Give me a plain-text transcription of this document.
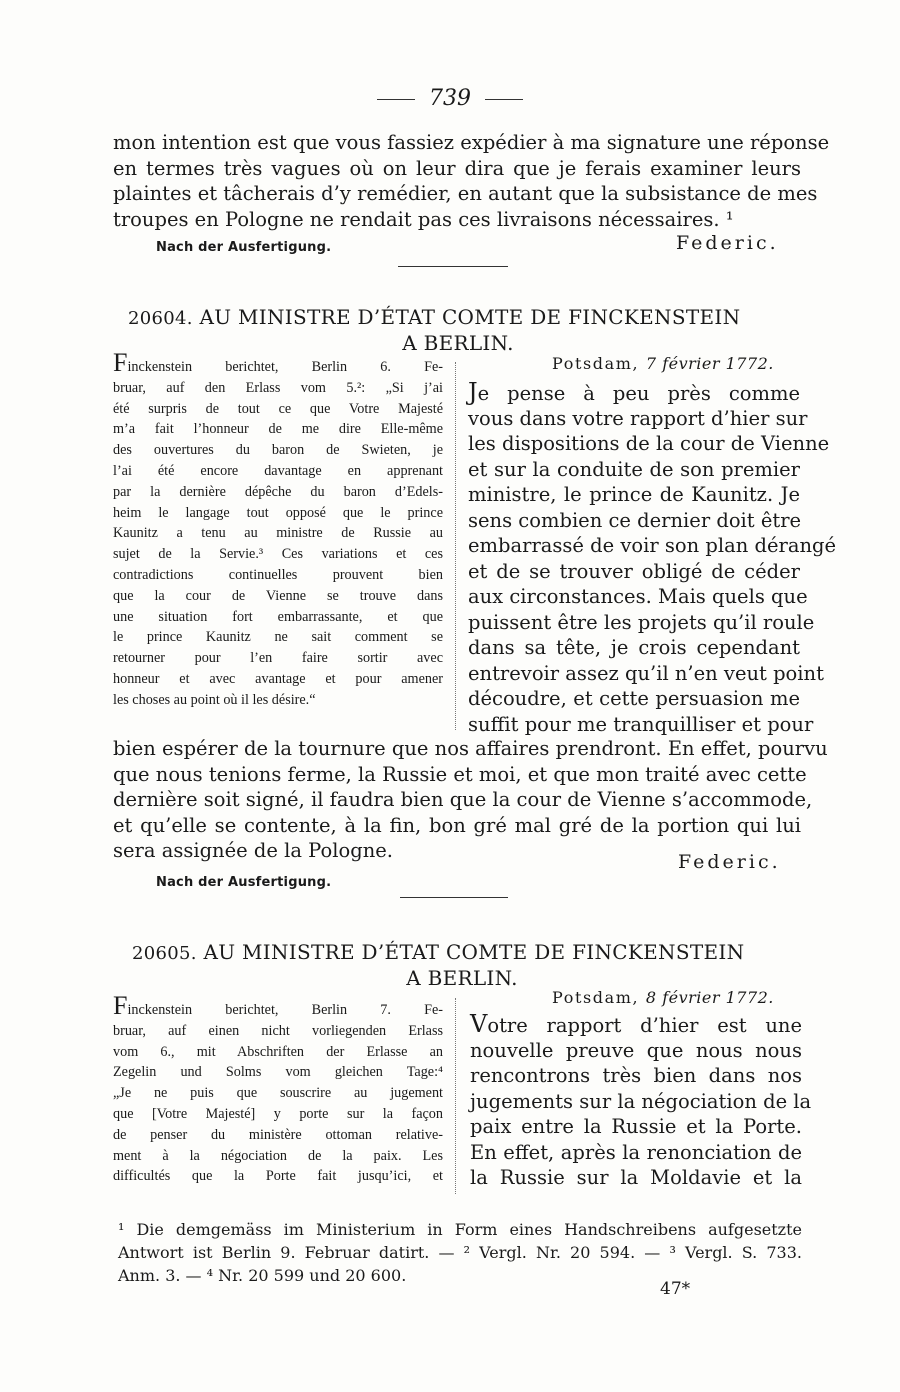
739
mon intention est que vous fassiez expédier à ma signature une réponse
en termes très vagues où on leur dira que je ferais examiner leurs
plaintes et tâcherais d’y remédier, en autant que la subsistance de mes
troupes en Pologne ne rendait pas ces livraisons nécessaires. ¹
Nach der Ausfertigung.	Federic.
20604. AU MINISTRE D’ÉTAT COMTE DE FINCKENSTEIN
A BERLIN.
Finckenstein berichtet, Berlin 6. Fe-
bruar, auf den Erlass vom 5.²: „Si j’ai
été surpris de tout ce que Votre Majesté
m’a fait l’honneur de me dire Elle-même
des ouvertures du baron de Swieten, je
l’ai été encore davantage en apprenant
par la dernière dépêche du baron d’Edels-
heim le langage tout opposé que le prince
Kaunitz a tenu au ministre de Russie au
sujet de la Servie.³ Ces variations et ces
contradictions continuelles prouvent bien
que la cour de Vienne se trouve dans
une situation fort embarrassante, et que
le prince Kaunitz ne sait comment se
retourner pour l’en faire sortir avec
honneur et avec avantage et pour amener
les choses au point où il les désire.“
Potsdam, 7 février 1772.
Je pense à peu près comme
vous dans votre rapport d’hier sur
les dispositions de la cour de Vienne
et sur la conduite de son premier
ministre, le prince de Kaunitz. Je
sens combien ce dernier doit être
embarrassé de voir son plan dérangé
et de se trouver obligé de céder
aux circonstances. Mais quels que
puissent être les projets qu’il roule
dans sa tête, je crois cependant
entrevoir assez qu’il n’en veut point
découdre, et cette persuasion me
suffit pour me tranquilliser et pour
bien espérer de la tournure que nos affaires prendront. En effet, pourvu
que nous tenions ferme, la Russie et moi, et que mon traité avec cette
dernière soit signé, il faudra bien que la cour de Vienne s’accommode,
et qu’elle se contente, à la fin, bon gré mal gré de la portion qui lui
sera assignée de la Pologne.	Federic.
Nach der Ausfertigung.
20605. AU MINISTRE D’ÉTAT COMTE DE FINCKENSTEIN
A BERLIN.
Finckenstein berichtet, Berlin 7. Fe-
bruar, auf einen nicht vorliegenden Erlass
vom 6., mit Abschriften der Erlasse an
Zegelin und Solms vom gleichen Tage:⁴
„Je ne puis que souscrire au jugement
que [Votre Majesté] y porte sur la façon
de penser du ministère ottoman relative-
ment à la négociation de la paix. Les
difficultés que la Porte fait jusqu’ici, et
Potsdam, 8 février 1772.
Votre rapport d’hier est une
nouvelle preuve que nous nous
rencontrons très bien dans nos
jugements sur la négociation de la
paix entre la Russie et la Porte.
En effet, après la renonciation de
la Russie sur la Moldavie et la
¹ Die demgemäss im Ministerium in Form eines Handschreibens aufgesetzte
Antwort ist Berlin 9. Februar datirt. — ² Vergl. Nr. 20 594. — ³ Vergl. S. 733.
Anm. 3. — ⁴ Nr. 20 599 und 20 600.
47*
